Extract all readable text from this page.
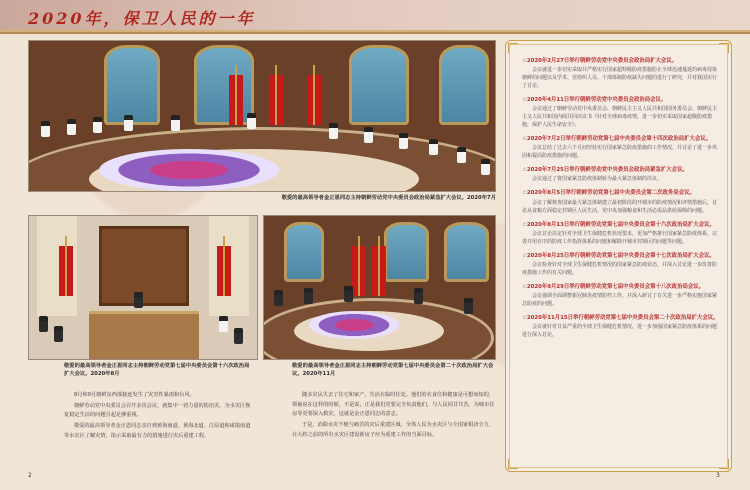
2020年，保卫人民的一年
敬爱的最高领导者金正恩同志主持朝鲜劳动党中央委员会政治局紧急扩大会议。2020年7月
敬爱的最高领导者金正恩同志主持朝鲜劳动党第七届中央委员会第十六次政治局扩大会议。2020年8月
敬爱的最高领导者金正恩同志主持朝鲜劳动党第七届中央委员会第二十次政治局扩大会议。2020年11月

8月和9月朝鲜东西部接连发生了灾害性暴雨和台风。

朝鲜劳动党中央委员会召开多次会议，就集中一切力量的防治灾，为水灾区恢复稳定生活的问题引起足够重视。

敬爱的最高领导者金正恩同志亲自到黄海南道、黄海北道、江原道和咸镜南道等水灾区了解灾情，指示采取最有力的措施进行灾后重建工程。

随多灾民失去了住宅和家产，生活在临时住处。他们的衣食住和健康是可想而知的，领袖说在这样的时候，不是说，正是我们党要完全负责他们，与人民同甘共苦。为城市住房等更要深入救灾，这就是金正恩同志的意志。

于是，消除水灾不便与痛苦的灾后重建区域，全体人民为水灾区与全国家相济全力，在大约之前的所有水灾区建设新房子应为重建工作的当面目标。

2	3
☆2020年2月27日举行朝鲜劳动党中央委员会政治局扩大会议。
会议就进一步切实采取并严格实行国家超特级防疫措施防止全球迅速蔓延的病毒侵染朝鲜的问题以及学术、党组织人员、干部体制防疫缺失问题的进行了研究，并对我国实行了讨论。
☆2020年4月11日举行朝鲜劳动党中央委员会政治局会议。
会议通过了朝鲜劳动党中央委员会、朝鲜民主主义人民共和国国务委员会、朝鲜民主主义人民共和国内阁共同决议书《针对全球病毒疫情，进一步切实采取国家超级防疫措施，保护人民生命安全》。
☆2020年7月2日举行朝鲜劳动党第七届中央委员会第十四次政治局扩大会议。
会议总结了过去六个月间坚持实行国家紧急防疫措施的工作情况，并讨论了进一步巩固和提高防疫措施的问题。
☆2020年7月25日举行朝鲜劳动党中央委员会政治局紧急扩大会议。
会议通过了将国家紧急防疫体制转为最大紧急体制的决议。
☆2020年8月5日举行朝鲜劳动党第七届中央委员会第二次政务局会议。
会议了解核查国家最大紧急体制建立最初阶段的开城市的防疫情况和评情措施后，讨论从食粮方面稳定封锁区人民生活，党中央加强粮食和生活必需品供给保障的问题。
☆2020年8月13日举行朝鲜劳动党第七届中央委员会第十六次政治局扩大会议。
会议讨论决定针对全球卫生保健危机状况要求，更加严格推行国家紧急防疫体系，完善并用有序的防疫工作指挥体系的问题和解除开城市封锁区的问题等问题。
☆2020年8月25日举行朝鲜劳动党第七届中央委员会第十七次政治局扩大会议。
会议检查针对全球卫生保健危机情况的国家紧急防疫状态，并深入讨论进一步改善防疫措施工作的有关问题。
☆2020年9月29日举行朝鲜劳动党第七届中央委员会第十八次政治局会议。
会议强调全面调整新冠肺炎疫情防控工作，并深入研讨了有关进一步严格实施国家紧急防疫的问题。
☆2020年11月15日举行朝鲜劳动党第七届中央委员会第二十次政治局扩大会议。
会议就针对日益严重的全球卫生保健危机情况，进一步加强国家紧急防疫体系的问题进行深入讨论。
